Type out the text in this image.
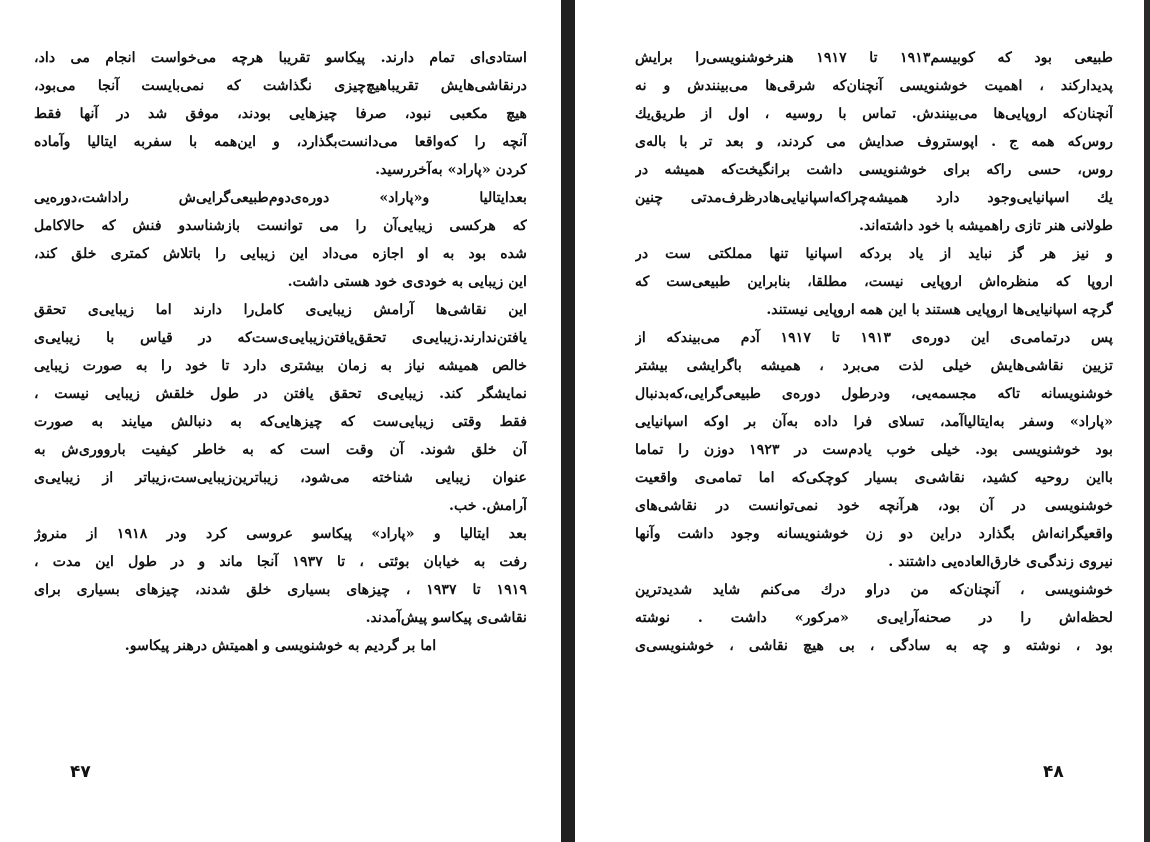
استادی‌ای تمام دارند. پیکاسو تقریبا هرچه می‌خواست انجام می داد،
درنقاشی‌هایش تقریباهیچ‌چیزی نگذاشت که نمی‌بایست آنجا می‌بود،
هیچ مکعبی نبود، صرفا چیزهایی بودند، موفق شد در آنها فقط
آنچه را که‌واقعا می‌دانست‌بگذارد، و این‌همه با سفربه ایتالیا وآماده
کردن «پاراد» به‌آخررسید.
بعدایتالیا و«پاراد» دوره‌ی‌دوم‌طبیعی‌گرایی‌ش راداشت،دوره‌یی
که هرکسی زیبایی‌آن را می توانست بازشناسدو فنش که حالاکامل
شده بود به او اجازه می‌داد این زیبایی را باتلاش کمتری خلق کند،
این زیبایی به خودی‌ی خود هستی داشت.
این نقاشی‌ها آرامش زیبایی‌ی کامل‌را دارند اما زیبایی‌ی تحقق
یافتن‌ندارند.زیبایی‌ی تحقق‌یافتن‌زیبایی‌ی‌ست‌که در قیاس با زیبایی‌ی
خالص همیشه نیاز به زمان بیشتری دارد تا خود را به صورت زیبایی
نمایشگر کند. زیبایی‌ی تحقق یافتن در طول خلقش زیبایی نیست ،
فقط وقتی زیبایی‌ست که چیزهایی‌که به دنبالش میایند به صورت
آن خلق شوند. آن وقت است که به خاطر کیفیت بارووری‌ش به
عنوان زیبایی شناخته می‌شود، زیباترین‌زیبایی‌ست،زیباتر از زیبایی‌ی
آرامش. خب.
بعد ایتالیا و «پاراد» پیکاسو عروسی کرد ودر ۱۹۱۸ از منروژ
رفت به خیابان بوئتی ، تا ۱۹۳۷ آنجا ماند و در طول این مدت ،
۱۹۱۹ تا ۱۹۳۷ ، چیزهای بسیاری خلق شدند، چیزهای بسیاری برای
نقاشی‌ی پیکاسو پیش‌آمدند.
اما بر گردیم به خوشنویسی و اهمیتش درهنر پیکاسو.
۴۷
طبیعی بود که کوبیسم۱۹۱۳ تا ۱۹۱۷ هنرخوشنویسی‌را برایش
پدیدارکند ، اهمیت خوشنویسی آنچنان‌که شرقی‌ها می‌بینندش و نه
آنچنان‌که اروپایی‌ها می‌بینندش. تماس با روسیه ، اول از طریق‌یك
روس‌که همه ج . اپوستروف صدایش می کردند، و بعد تر با باله‌ی
روس، حسی را‌که برای خوشنویسی داشت برانگیخت‌که همیشه در
یك اسپانیایی‌وجود دارد همیشه‌چراکه‌اسپانیایی‌هادرظرف‌مدتی چنین
طولانی هنر تازی راهمیشه با خود داشته‌اند.
و نیز هر گز نباید از یاد برد‌که اسپانیا تنها مملکتی ست در
اروپا که منظره‌اش اروپایی نیست، مطلقا، بنابراین طبیعی‌ست که
گرچه اسپانیایی‌ها اروپایی هستند با این همه اروپایی نیستند.
پس درتمامی‌ی این دوره‌ی ۱۹۱۳ تا ۱۹۱۷ آدم می‌بیند‌که از
تزیین نقاشی‌هایش خیلی لذت می‌برد ، همیشه باگرایشی بیشتر
خوشنویسانه تاکه مجسمه‌یی، ودرطول دوره‌ی طبیعی‌گرایی،که‌بدنبال
«پاراد» وسفر به‌ایتالیاآمد، تسلای فرا داده به‌آن بر اوکه اسپانیایی
بود خوشنویسی بود. خیلی خوب یادم‌ست در ۱۹۲۳ دوزن را تماما
بااین روحیه کشید، نقاشی‌ی بسیار کوچکی‌که اما تمامی‌ی واقعیت
خوشنویسی در آن بود، هرآنچه خود نمی‌توانست در نقاشی‌های
واقعیگرانه‌اش بگذارد دراین دو زن خوشنویسانه وجود داشت وآنها
نیروی زندگی‌ی خارق‌العاده‌یی داشتند .
خوشنویسی ، آنچنان‌که من دراو درك می‌کنم شاید شدید‌‌‌ترین
لحظه‌اش را در صحنه‌آرایی‌ی «مرکور» داشت . نوشته
بود ، نوشته و چه به سادگی ، بی هیچ نقاشی ، خوشنویسی‌ی
۴۸
